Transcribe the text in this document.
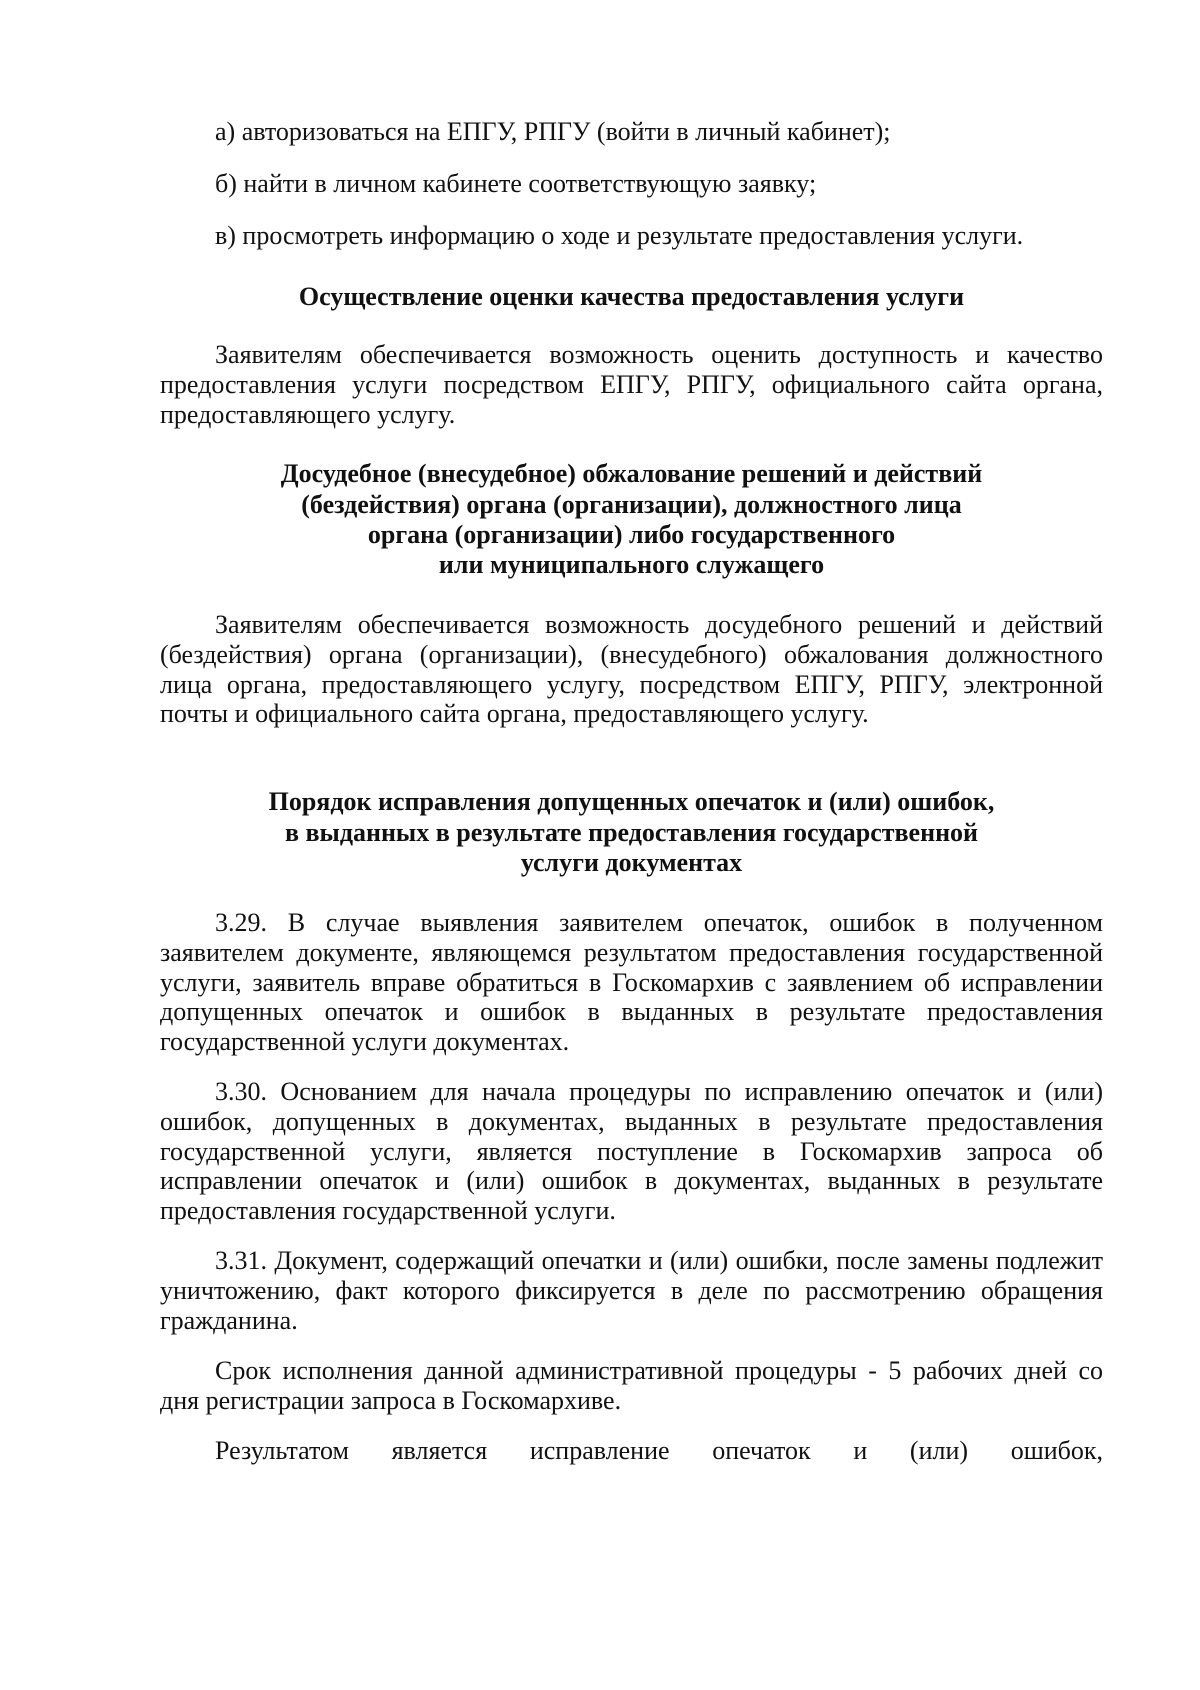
а) авторизоваться на ЕПГУ, РПГУ (войти в личный кабинет);
б) найти в личном кабинете соответствующую заявку;
в) просмотреть информацию о ходе и результате предоставления услуги.
Осуществление оценки качества предоставления услуги
Заявителям обеспечивается возможность оценить доступность и качество предоставления услуги посредством ЕПГУ, РПГУ, официального сайта органа, предоставляющего услугу.
Досудебное (внесудебное) обжалование решений и действий
(бездействия) органа (организации), должностного лица
органа (организации) либо государственного
или муниципального служащего
Заявителям обеспечивается возможность досудебного решений и действий (бездействия) органа (организации), (внесудебного) обжалования должностного лица органа, предоставляющего услугу, посредством ЕПГУ, РПГУ, электронной почты и официального сайта органа, предоставляющего услугу.
Порядок исправления допущенных опечаток и (или) ошибок,
в выданных в результате предоставления государственной
услуги документах
3.29. В случае выявления заявителем опечаток, ошибок в полученном заявителем документе, являющемся результатом предоставления государственной услуги, заявитель вправе обратиться в Госкомархив с заявлением об исправлении допущенных опечаток и ошибок в выданных в результате предоставления государственной услуги документах.
3.30. Основанием для начала процедуры по исправлению опечаток и (или) ошибок, допущенных в документах, выданных в результате предоставления государственной услуги, является поступление в Госкомархив запроса об исправлении опечаток и (или) ошибок в документах, выданных в результате предоставления государственной услуги.
3.31. Документ, содержащий опечатки и (или) ошибки, после замены подлежит уничтожению, факт которого фиксируется в деле по рассмотрению обращения гражданина.
Срок исполнения данной административной процедуры - 5 рабочих дней со дня регистрации запроса в Госкомархиве.
Результатом является исправление опечаток и (или) ошибок,
